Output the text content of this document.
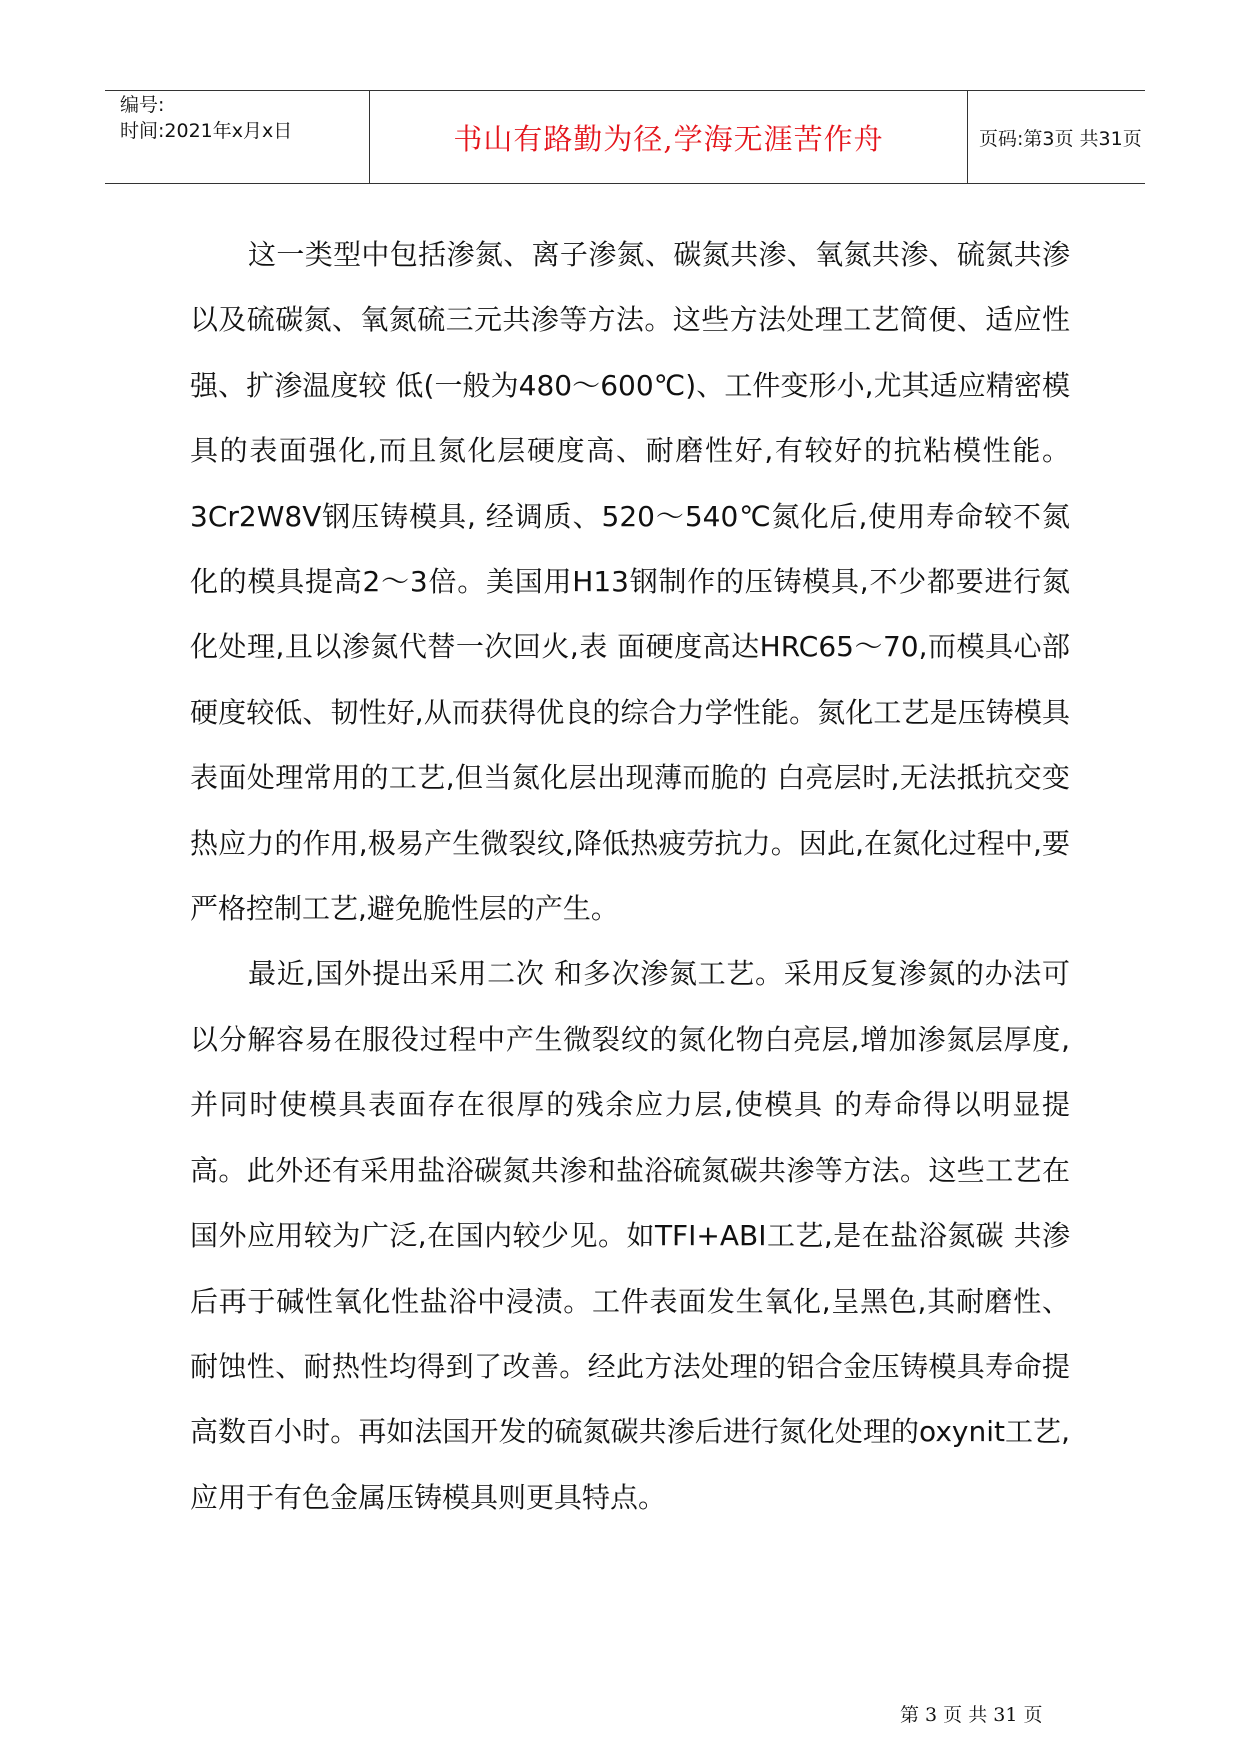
编号:
时间:2021年x月x日	书山有路勤为径,学海无涯苦作舟	页码:第3页 共31页

这一类型中包括渗氮、离子渗氮、碳氮共渗、氧氮共渗、硫氮共渗以及硫碳氮、氧氮硫三元共渗等方法。这些方法处理工艺简便、适应性强、扩渗温度较 低(一般为480～600℃)、工件变形小,尤其适应精密模具的表面强化,而且氮化层硬度高、耐磨性好,有较好的抗粘模性能。3Cr2W8V钢压铸模具, 经调质、520～540℃氮化后,使用寿命较不氮化的模具提高2～3倍。美国用H13钢制作的压铸模具,不少都要进行氮化处理,且以渗氮代替一次回火,表 面硬度高达HRC65～70,而模具心部硬度较低、韧性好,从而获得优良的综合力学性能。氮化工艺是压铸模具表面处理常用的工艺,但当氮化层出现薄而脆的 白亮层时,无法抵抗交变热应力的作用,极易产生微裂纹,降低热疲劳抗力。因此,在氮化过程中,要严格控制工艺,避免脆性层的产生。

最近,国外提出采用二次 和多次渗氮工艺。采用反复渗氮的办法可以分解容易在服役过程中产生微裂纹的氮化物白亮层,增加渗氮层厚度,并同时使模具表面存在很厚的残余应力层,使模具 的寿命得以明显提高。此外还有采用盐浴碳氮共渗和盐浴硫氮碳共渗等方法。这些工艺在国外应用较为广泛,在国内较少见。如TFI+ABI工艺,是在盐浴氮碳 共渗后再于碱性氧化性盐浴中浸渍。工件表面发生氧化,呈黑色,其耐磨性、耐蚀性、耐热性均得到了改善。经此方法处理的铝合金压铸模具寿命提高数百小时。再如法国开发的硫氮碳共渗后进行氮化处理的oxynit工艺,应用于有色金属压铸模具则更具特点。

第 3 页 共 31 页
